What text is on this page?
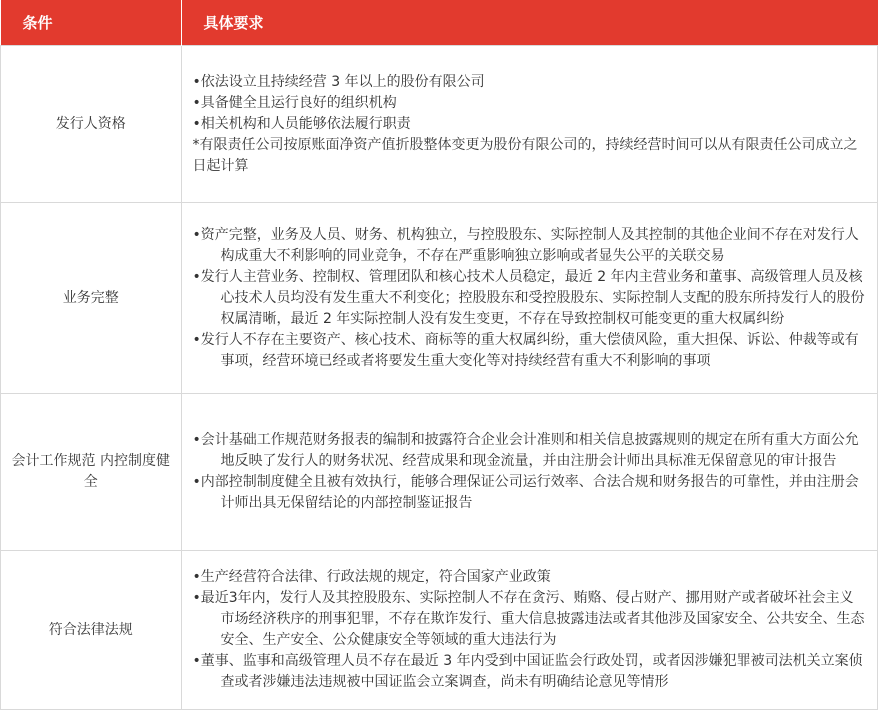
条件	具体要求
发行人资格	•依法设立且持续经营 3 年以上的股份有限公司
•具备健全且运行良好的组织机构
•相关机构和人员能够依法履行职责
*有限责任公司按原账面净资产值折股整体变更为股份有限公司的，持续经营时间可以从有限责任公司成立之日起计算

业务完整	•资产完整，业务及人员、财务、机构独立，与控股股东、实际控制人及其控制的其他企业间不存在对发行人构成重大不利影响的同业竞争，不存在严重影响独立影响或者显失公平的关联交易
•发行人主营业务、控制权、管理团队和核心技术人员稳定，最近 2 年内主营业务和董事、高级管理人员及核心技术人员均没有发生重大不利变化；控股股东和受控股股东、实际控制人支配的股东所持发行人的股份权属清晰，最近 2 年实际控制人没有发生变更，不存在导致控制权可能变更的重大权属纠纷
•发行人不存在主要资产、核心技术、商标等的重大权属纠纷，重大偿债风险，重大担保、诉讼、仲裁等或有事项，经营环境已经或者将要发生重大变化等对持续经营有重大不利影响的事项

会计工作规范 内控制度健全	•会计基础工作规范财务报表的编制和披露符合企业会计准则和相关信息披露规则的规定在所有重大方面公允地反映了发行人的财务状况、经营成果和现金流量，并由注册会计师出具标准无保留意见的审计报告
•内部控制制度健全且被有效执行，能够合理保证公司运行效率、合法合规和财务报告的可靠性，并由注册会计师出具无保留结论的内部控制鉴证报告

符合法律法规	•生产经营符合法律、行政法规的规定，符合国家产业政策
•最近3年内，发行人及其控股股东、实际控制人不存在贪污、贿赂、侵占财产、挪用财产或者破坏社会主义市场经济秩序的刑事犯罪，不存在欺诈发行、重大信息披露违法或者其他涉及国家安全、公共安全、生态安全、生产安全、公众健康安全等领域的重大违法行为
•董事、监事和高级管理人员不存在最近 3 年内受到中国证监会行政处罚，或者因涉嫌犯罪被司法机关立案侦查或者涉嫌违法违规被中国证监会立案调查，尚未有明确结论意见等情形
